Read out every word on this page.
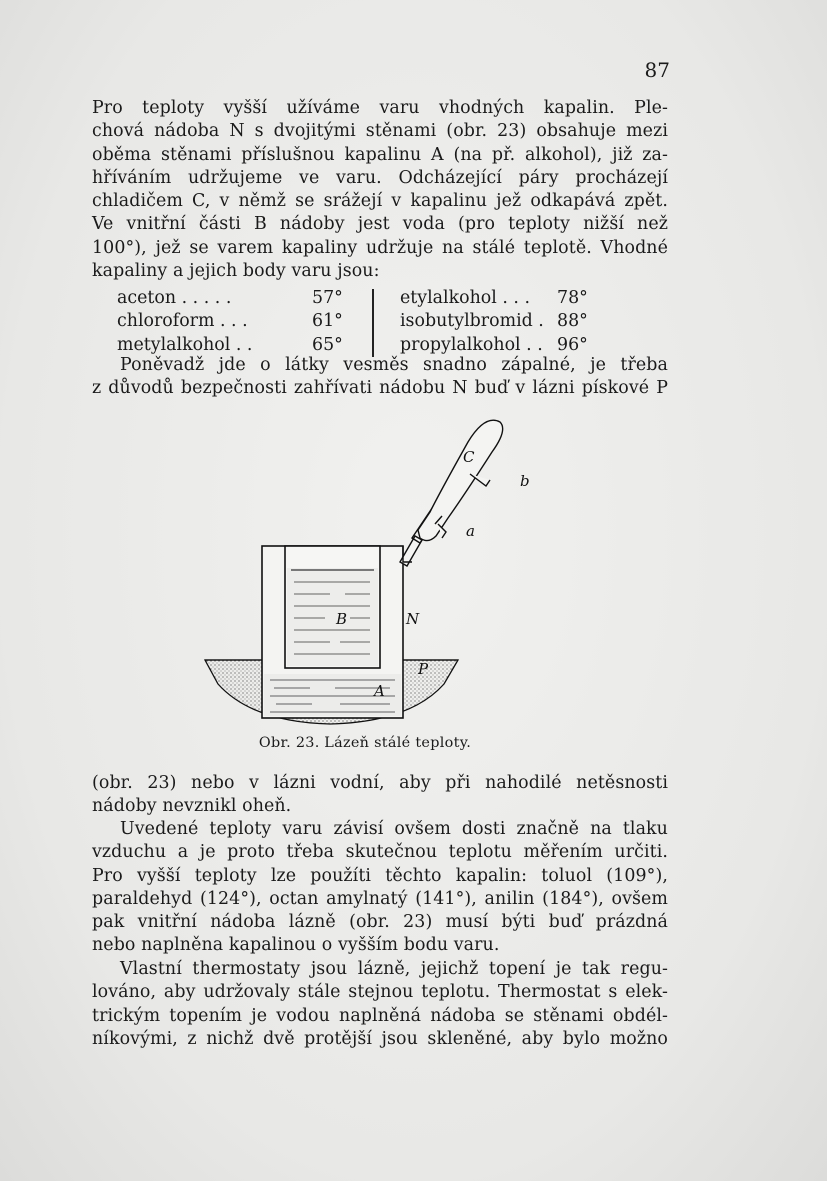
87
Pro teploty vyšší užíváme varu vhodných kapalin. Ple-
chová nádoba N s dvojitými stěnami (obr. 23) obsahuje mezi
oběma stěnami příslušnou kapalinu A (na př. alkohol), již za-
hříváním udržujeme ve varu. Odcházející páry procházejí
chladičem C, v němž se srážejí v kapalinu jež odkapává zpět.
Ve vnitřní části B nádoby jest voda (pro teploty nižší než
100°), jež se varem kapaliny udržuje na stálé teplotě. Vhodné
kapaliny a jejich body varu jsou:
aceton . . . . .	57°	etylalkohol . . . 78°
chloroform . . .	61°	isobutylbromid . 88°
metylalkohol . .	65°	propylalkohol . . 96°
Poněvadž jde o látky vesměs snadno zápalné, je třeba
z důvodů bezpečnosti zahřívati nádobu N buď v lázni pískové P
C
b
a
B	N
P
A
Obr. 23. Lázeň stálé teploty.
(obr. 23) nebo v lázni vodní, aby při nahodilé netěsnosti
nádoby nevznikl oheň.
Uvedené teploty varu závisí ovšem dosti značně na tlaku
vzduchu a je proto třeba skutečnou teplotu měřením určiti.
Pro vyšší teploty lze použíti těchto kapalin: toluol (109°),
paraldehyd (124°), octan amylnatý (141°), anilin (184°), ovšem
pak vnitřní nádoba lázně (obr. 23) musí býti buď prázdná
nebo naplněna kapalinou o vyšším bodu varu.
Vlastní thermostaty jsou lázně, jejichž topení je tak regu-
lováno, aby udržovaly stále stejnou teplotu. Thermostat s elek-
trickým topením je vodou naplněná nádoba se stěnami obdél-
níkovými, z nichž dvě protější jsou skleněné, aby bylo možno
